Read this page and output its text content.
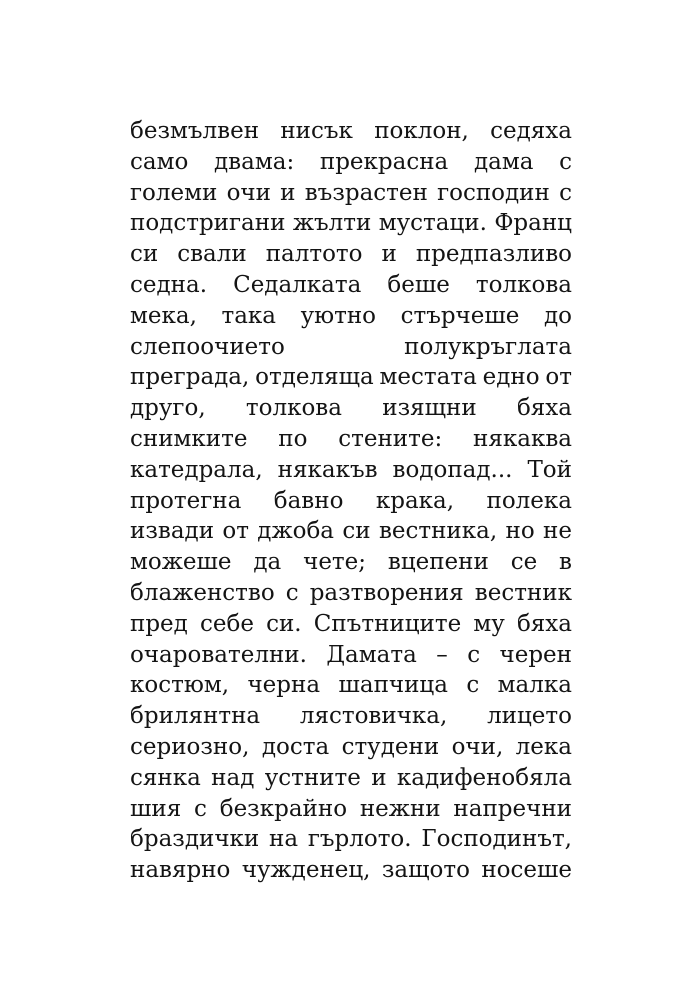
безмълвен нисък поклон, седяха
само двама: прекрасна дама с
големи очи и възрастен господин с
подстригани жълти мустаци. Франц
си свали палтото и предпазливо
седна. Седалката беше толкова
мека, така уютно стърчеше до
слепоочието	полукръглата
преграда, отделяща местата едно от
друго, толкова изящни бяха
снимките по стените: някаква
катедрала, някакъв водопад... Той
протегна бавно крака, полека
извади от джоба си вестника, но не
можеше да чете; вцепени се в
блаженство с разтворения вестник
пред себе си. Спътниците му бяха
очарователни. Дамата – с черен
костюм, черна шапчица с малка
брилянтна лястовичка, лицето
сериозно, доста студени очи, лека
сянка над устните и кадифенобяла
шия с безкрайно нежни напречни
браздички на гърлото. Господинът,
навярно чужденец, защото носеше
